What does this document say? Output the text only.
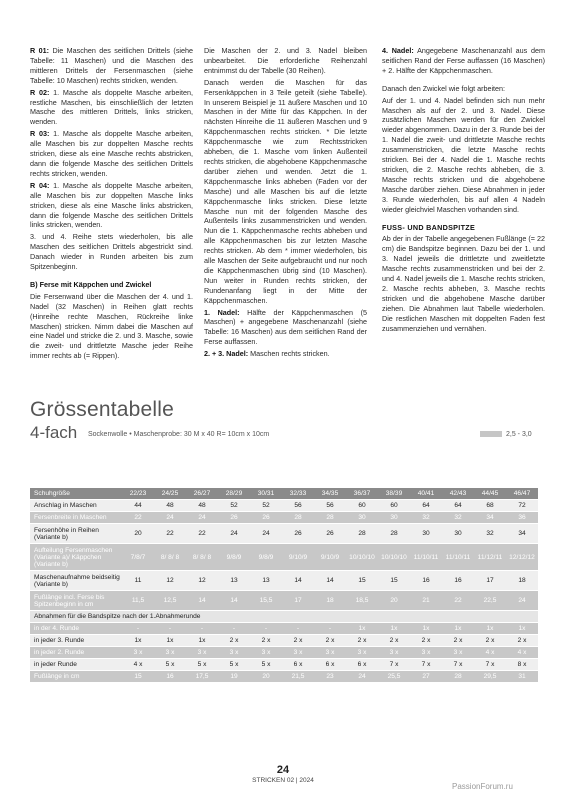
R 01: Die Maschen des seitlichen Drittels (siehe Tabelle: 11 Maschen) und die Maschen des mittleren Drittels der Fersenmaschen (siehe Tabelle: 10 Maschen) rechts stricken, wenden.

R 02: 1. Masche als doppelte Masche arbeiten, restliche Maschen, bis einschließlich der letzten Masche des mittleren Drittels, links stricken, wenden.

R 03: 1. Masche als doppelte Masche arbeiten, alle Maschen bis zur doppelten Masche rechts stricken, diese als eine Masche rechts abstricken, dann die folgende Masche des seitlichen Drittels rechts stricken, wenden.

R 04: 1. Masche als doppelte Masche arbeiten, alle Maschen bis zur doppelten Masche links stricken, diese als eine Masche links abstricken, dann die folgende Masche des seitlichen Drittels links stricken, wenden.

3. und 4. Reihe stets wiederholen, bis alle Maschen des seitlichen Drittels abgestrickt sind. Danach wieder in Runden arbeiten bis zum Spitzenbeginn.

B) Ferse mit Käppchen und Zwickel

Die Fersenwand über die Maschen der 4. und 1. Nadel (32 Maschen) in Reihen glatt rechts (Hinreihe rechte Maschen, Rückreihe linke Maschen) stricken. Nimm dabei die Maschen auf eine Nadel und stricke die 2. und 3. Masche, sowie die zweit- und drittletzte Masche jeder Reihe immer rechts ab (= Rippen).

Die Maschen der 2. und 3. Nadel bleiben unbearbeitet. Die erforderliche Reihenzahl entnimmst du der Tabelle (30 Reihen).

Danach werden die Maschen für das Fersenkäppchen in 3 Teile geteilt (siehe Tabelle). In unserem Beispiel je 11 äußere Maschen und 10 Maschen in der Mitte für das Käppchen. In der nächsten Hinreihe die 11 äußeren Maschen und 9 Käppchenmaschen rechts stricken. * Die letzte Käppchenmasche wie zum Rechtsstricken abheben, die 1. Masche vom linken Außenteil rechts stricken, die abgehobene Käppchenmasche darüber ziehen und wenden. Jetzt die 1. Käppchenmasche links abheben (Faden vor der Masche) und alle Maschen bis auf die letzte Käppchenmasche links stricken. Diese letzte Masche nun mit der folgenden Masche des Außenteils links zusammenstricken und wenden. Nun die 1. Käppchenmasche rechts abheben und alle Käppchenmaschen bis zur letzten Masche rechts stricken. Ab dem * immer wiederholen, bis alle Maschen der Seite aufgebraucht und nur noch die Käppchenmaschen übrig sind (10 Maschen). Nun weiter in Runden rechts stricken, der Rundenanfang liegt in der Mitte der Käppchenmaschen.

1. Nadel: Hälfte der Käppchenmaschen (5 Maschen) + angegebene Maschenanzahl (siehe Tabelle: 16 Maschen) aus dem seitlichen Rand der Ferse auffassen.

2. + 3. Nadel: Maschen rechts stricken.

4. Nadel: Angegebene Maschenanzahl aus dem seitlichen Rand der Ferse auffassen (16 Maschen) + 2. Hälfte der Käppchenmaschen.

Danach den Zwickel wie folgt arbeiten:

Auf der 1. und 4. Nadel befinden sich nun mehr Maschen als auf der 2. und 3. Nadel. Diese zusätzlichen Maschen werden für den Zwickel wieder abgenommen. Dazu in der 3. Runde bei der 1. Nadel die zweit- und drittletzte Masche rechts zusammenstricken, die letzte Masche rechts stricken. Bei der 4. Nadel die 1. Masche rechts stricken, die 2. Masche rechts abheben, die 3. Masche rechts stricken und die abgehobene Masche darüber ziehen. Diese Abnahmen in jeder 3. Runde wiederholen, bis auf allen 4 Nadeln wieder gleichviel Maschen vorhanden sind.

FUSS- UND BANDSPITZE

Ab der in der Tabelle angegebenen Fußlänge (= 22 cm) die Bandspitze beginnen. Dazu bei der 1. und 3. Nadel jeweils die drittletzte und zweitletzte Masche rechts zusammenstricken und bei der 2. und 4. Nadel jeweils die 1. Masche rechts stricken, 2. Masche rechts abheben, 3. Masche rechts stricken und die abgehobene Masche darüber ziehen. Die Abnahmen laut Tabelle wiederholen. Die restlichen Maschen mit doppelten Faden fest zusammenziehen und vernähen.

Grössentabelle
4-fach Sockenwolle • Maschenprobe: 30 M x 40 R= 10cm x 10cm	2,5 - 3,0
Schuhgröße	22/23	24/25	26/27	28/29	30/31	32/33	34/35	36/37	38/39	40/41	42/43	44/45	46/47
Anschlag in Maschen	44	48	48	52	52	56	56	60	60	64	64	68	72
Fersenbreite in Maschen	22	24	24	26	26	28	28	30	30	32	32	34	36
Fersenhöhe in Reihen (Variante b)	20	22	22	24	24	26	26	28	28	30	30	32	34
Aufteilung Fersenmaschen (Variante a)/ Käppchen (Variante b)	7/8/7	8/ 8/ 8	8/ 8/ 8	9/8/9	9/8/9	9/10/9	9/10/9	10/10/10	10/10/10	11/10/11	11/10/11	11/12/11	12/12/12
Maschenaufnahme beidseitig (Variante b)	11	12	12	13	13	14	14	15	15	16	16	17	18
Fußlänge incl. Ferse bis Spitzenbeginn in cm	11,5	12,5	14	14	15,5	17	18	18,5	20	21	22	22,5	24
Abnahmen für die Bandspitze nach der 1.Abnahmerunde													
in der 4. Runde	-	-	-	-	-	-	-	1x	1x	1x	1x	1x	1x
in jeder 3. Runde	1x	1x	1x	2 x	2 x	2 x	2 x	2 x	2 x	2 x	2 x	2 x	2 x
in jeder 2. Runde	3 x	3 x	3 x	3 x	3 x	3 x	3 x	3 x	3 x	3 x	3 x	4 x	4 x
in jeder Runde	4 x	5 x	5 x	5 x	5 x	6 x	6 x	6 x	7 x	7 x	7 x	7 x	8 x
Fußlänge in cm	15	16	17,5	19	20	21,5	23	24	25,5	27	28	29,5	31
24
STRICKEN 02 | 2024
PassionForum.ru
